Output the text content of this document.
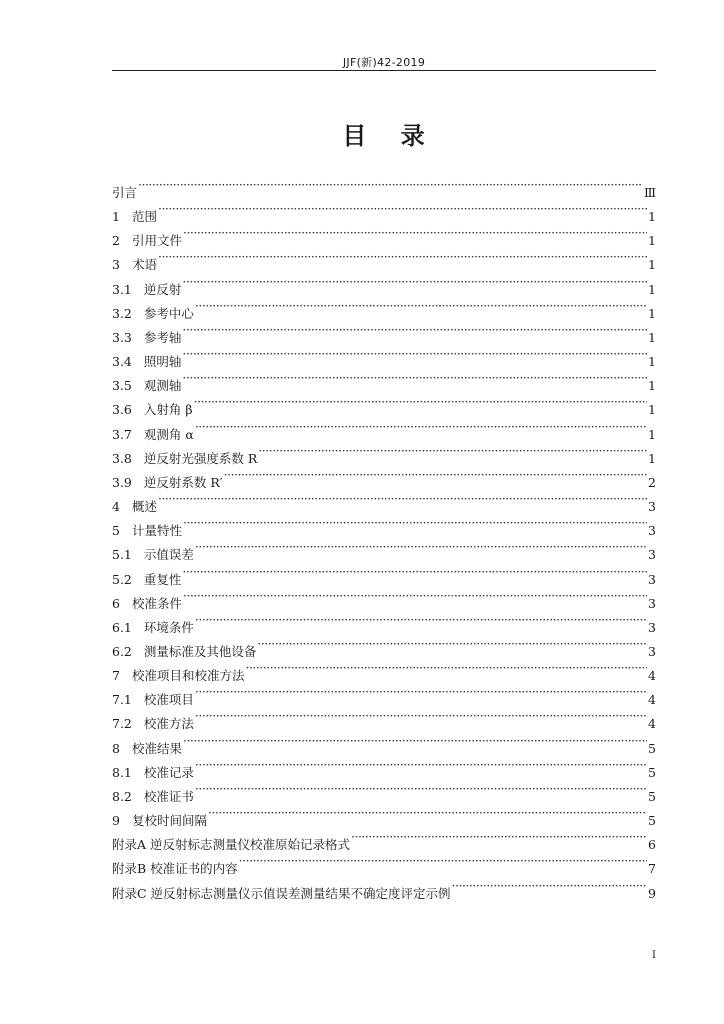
JJF(新)42-2019
目 录
引言 ·····	Ⅲ
1 范围 ·····	1
2 引用文件 ·····	1
3 术语 ·····	1
3.1 逆反射 ·····	1
3.2 参考中心 ·····	1
3.3 参考轴 ·····	1
3.4 照明轴 ·····	1
3.5 观测轴 ·····	1
3.6 入射角 β ·····	1
3.7 观测角 α ·····	1
3.8 逆反射光强度系数 R ·····	1
3.9 逆反射系数 R′ ·····	2
4 概述 ·····	3
5 计量特性 ·····	3
5.1 示值误差 ·····	3
5.2 重复性 ·····	3
6 校准条件 ·····	3
6.1 环境条件 ·····	3
6.2 测量标准及其他设备 ·····	3
7 校准项目和校准方法 ·····	4
7.1 校准项目 ·····	4
7.2 校准方法 ·····	4
8 校准结果 ·····	5
8.1 校准记录 ·····	5
8.2 校准证书 ·····	5
9 复校时间间隔 ·····	5
附录A 逆反射标志测量仪校准原始记录格式 ·····	6
附录B 校准证书的内容 ·····	7
附录C 逆反射标志测量仪示值误差测量结果不确定度评定示例 ·····	9
I
